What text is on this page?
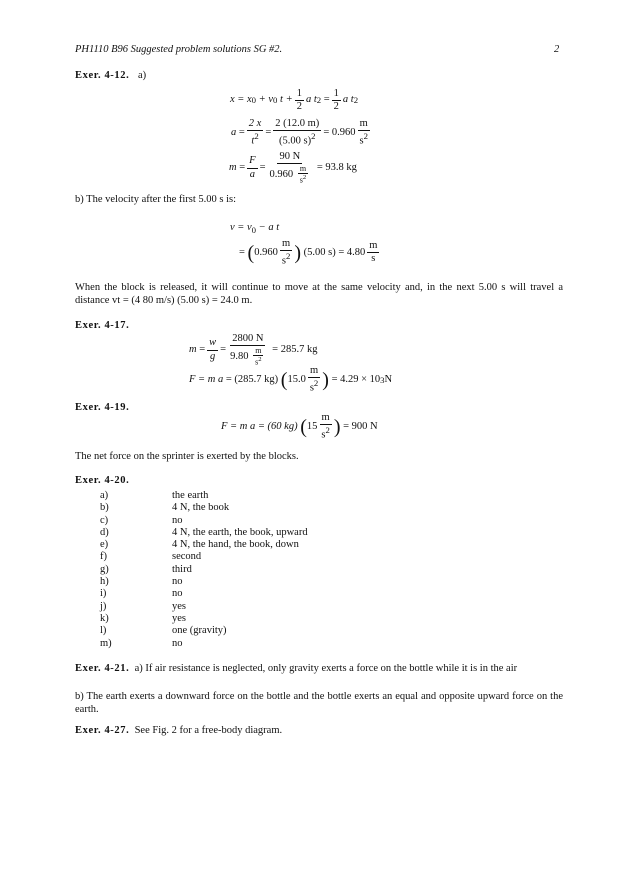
PH1110 B96 Suggested problem solutions SG #2.	2
Exer. 4-12. a)
x
= x 0
+ v 0
$t + \frac{1}{2}$ a t 2
= $\frac{1}{2}$ a t 2
$a = \frac{2 x}{t^2} = \frac{2 (12.0 m)}{(5.00 s)^2} = 0.960 \frac{m}{s^2}$
$m = \frac{F}{a} = \frac{90 N}{0.960 \frac{m}{s^2}}$
= 93.8 kg
b) The velocity after the first 5.00 s is:
$v = v_0 - a$ t
= ( $0.960 \frac{m}{s^2}$ )
(5.00 $s) = 4.80 \frac{m}{s}$
When the block is released, it will continue to move at the same velocity and, in the next 5.00 s will travel a distance vt = (4 80 m/s) (5.00 s) = 24.0 m.
Exer. 4-17.
$m = \frac{w}{g} = \frac{2800 N}{9.80 \frac{m}{s^2}}$
= 285.7 kg
F = m a
= (285.7 kg)
( $15.0 \frac{m}{s^2}$ )
= 4.29 × 10 3 N
Exer. 4-19.
F = m a = (60 kg)
( $15 \frac{m}{s^2}$ )
= 900 N
The net force on the sprinter is exerted by the blocks.
Exer. 4-20.
a)	the earth
b)	4 N, the book
c)	no
d)	4 N, the earth, the book, upward
e)	4 N, the hand, the book, down
f)	second
g)	third
h)	no
i)	no
j)	yes
k)	yes
l)	one (gravity)
m)	no
Exer. 4-21. a) If air resistance is neglected, only gravity exerts a force on the bottle while it is in the air
b) The earth exerts a downward force on the bottle and the bottle exerts an equal and opposite upward force on the earth.
Exer. 4-27. See Fig. 2 for a free-body diagram.
